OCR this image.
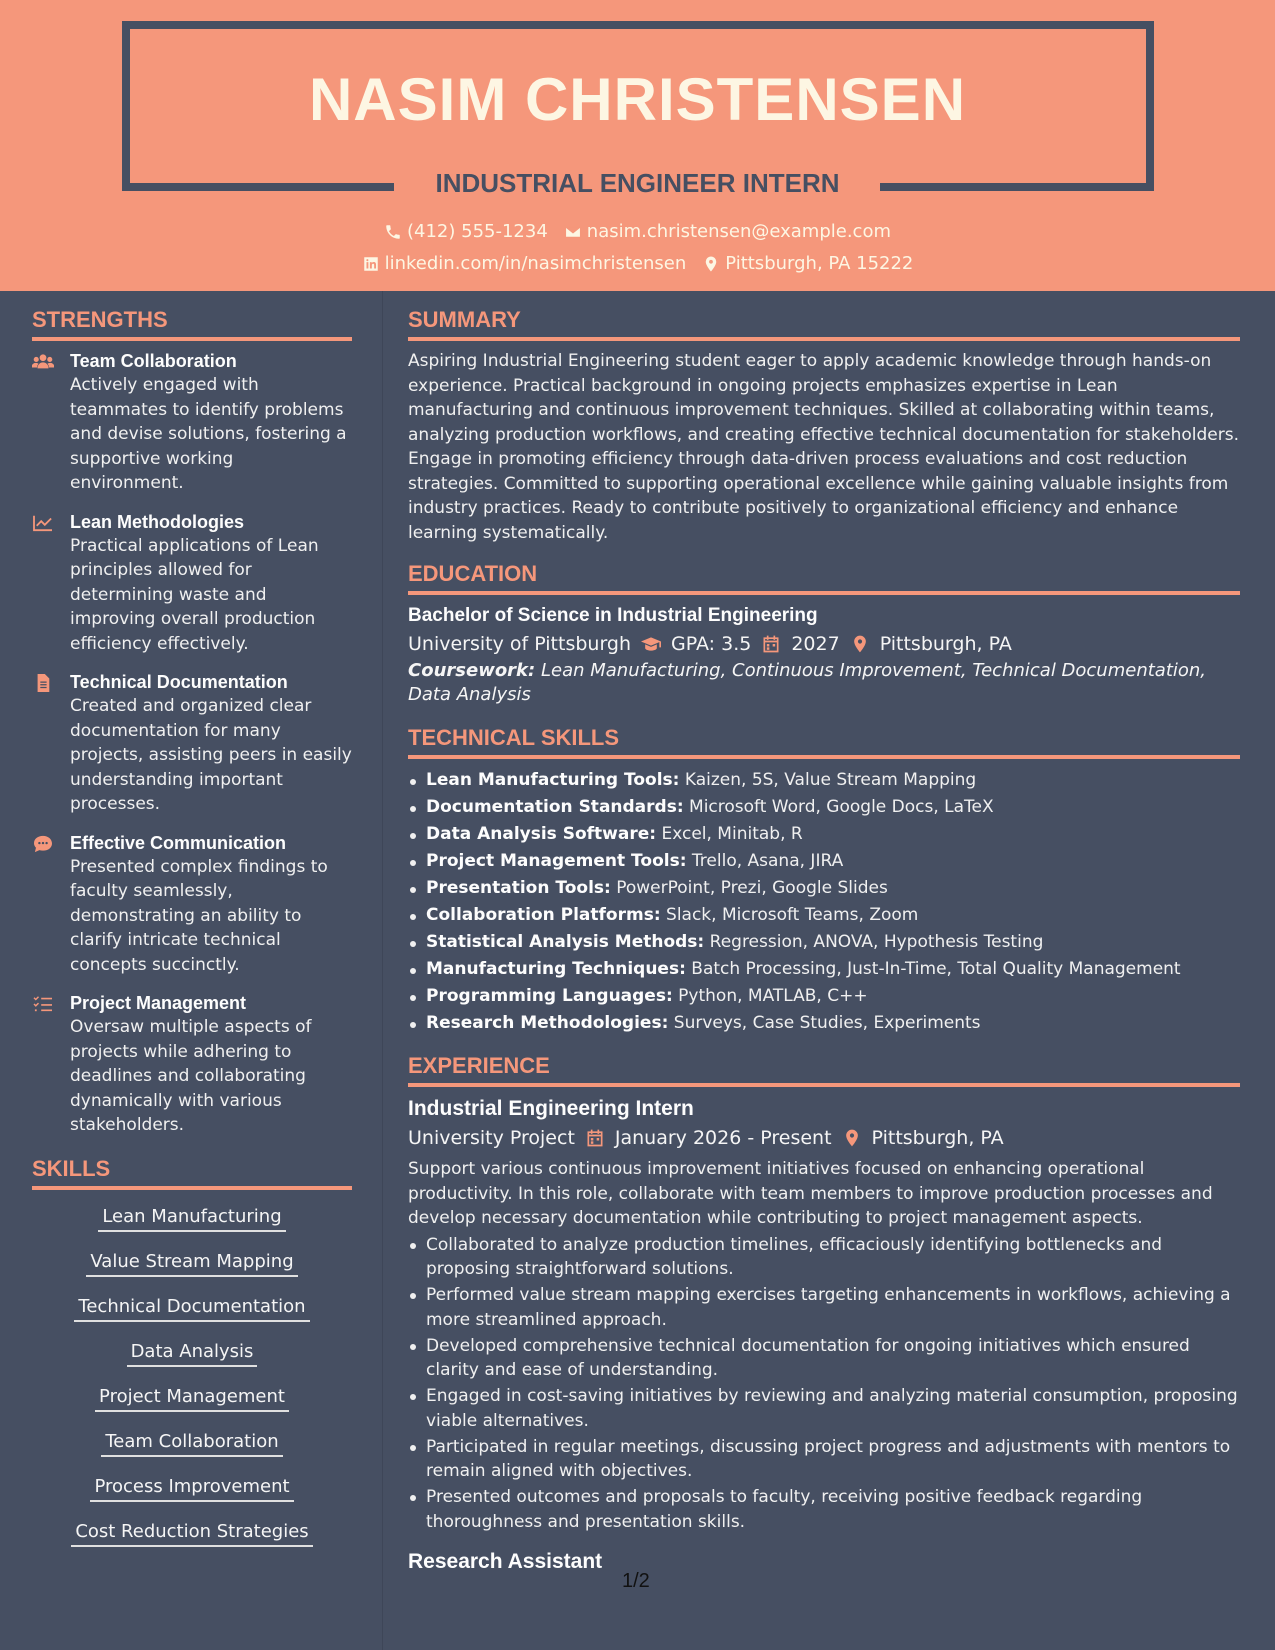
NASIM CHRISTENSEN
INDUSTRIAL ENGINEER INTERN
(412) 555-1234 nasim.christensen@example.com
linkedin.com/in/nasimchristensen Pittsburgh, PA 15222
STRENGTHS
Team Collaboration

Actively engaged with teammates to identify problems and devise solutions, fostering a supportive working environment.

Lean Methodologies

Practical applications of Lean principles allowed for determining waste and improving overall production efficiency effectively.

Technical Documentation

Created and organized clear documentation for many projects, assisting peers in easily understanding important processes.

Effective Communication

Presented complex findings to faculty seamlessly, demonstrating an ability to clarify intricate technical concepts succinctly.

Project Management

Oversaw multiple aspects of projects while adhering to deadlines and collaborating dynamically with various stakeholders.

SKILLS
Lean Manufacturing
Value Stream Mapping
Technical Documentation
Data Analysis
Project Management
Team Collaboration
Process Improvement
Cost Reduction Strategies
SUMMARY

Aspiring Industrial Engineering student eager to apply academic knowledge through hands-on experience. Practical background in ongoing projects emphasizes expertise in Lean manufacturing and continuous improvement techniques. Skilled at collaborating within teams, analyzing production workflows, and creating effective technical documentation for stakeholders. Engage in promoting efficiency through data-driven process evaluations and cost reduction strategies. Committed to supporting operational excellence while gaining valuable insights from industry practices. Ready to contribute positively to organizational efficiency and enhance learning systematically.

EDUCATION
Bachelor of Science in Industrial Engineering
University of Pittsburgh GPA: 3.5 2027 Pittsburgh, PA

Coursework: Lean Manufacturing, Continuous Improvement, Technical Documentation, Data Analysis

TECHNICAL SKILLS
Lean Manufacturing Tools: Kaizen, 5S, Value Stream Mapping
Documentation Standards: Microsoft Word, Google Docs, LaTeX
Data Analysis Software: Excel, Minitab, R
Project Management Tools: Trello, Asana, JIRA
Presentation Tools: PowerPoint, Prezi, Google Slides
Collaboration Platforms: Slack, Microsoft Teams, Zoom
Statistical Analysis Methods: Regression, ANOVA, Hypothesis Testing
Manufacturing Techniques: Batch Processing, Just-In-Time, Total Quality Management
Programming Languages: Python, MATLAB, C++
Research Methodologies: Surveys, Case Studies, Experiments
EXPERIENCE
Industrial Engineering Intern
University Project January 2026 - Present Pittsburgh, PA

Support various continuous improvement initiatives focused on enhancing operational productivity. In this role, collaborate with team members to improve production processes and develop necessary documentation while contributing to project management aspects.

Collaborated to analyze production timelines, efficaciously identifying bottlenecks and proposing straightforward solutions.
Performed value stream mapping exercises targeting enhancements in workflows, achieving a more streamlined approach.
Developed comprehensive technical documentation for ongoing initiatives which ensured clarity and ease of understanding.
Engaged in cost-saving initiatives by reviewing and analyzing material consumption, proposing viable alternatives.
Participated in regular meetings, discussing project progress and adjustments with mentors to remain aligned with objectives.
Presented outcomes and proposals to faculty, receiving positive feedback regarding thoroughness and presentation skills.
Research Assistant
1/2
